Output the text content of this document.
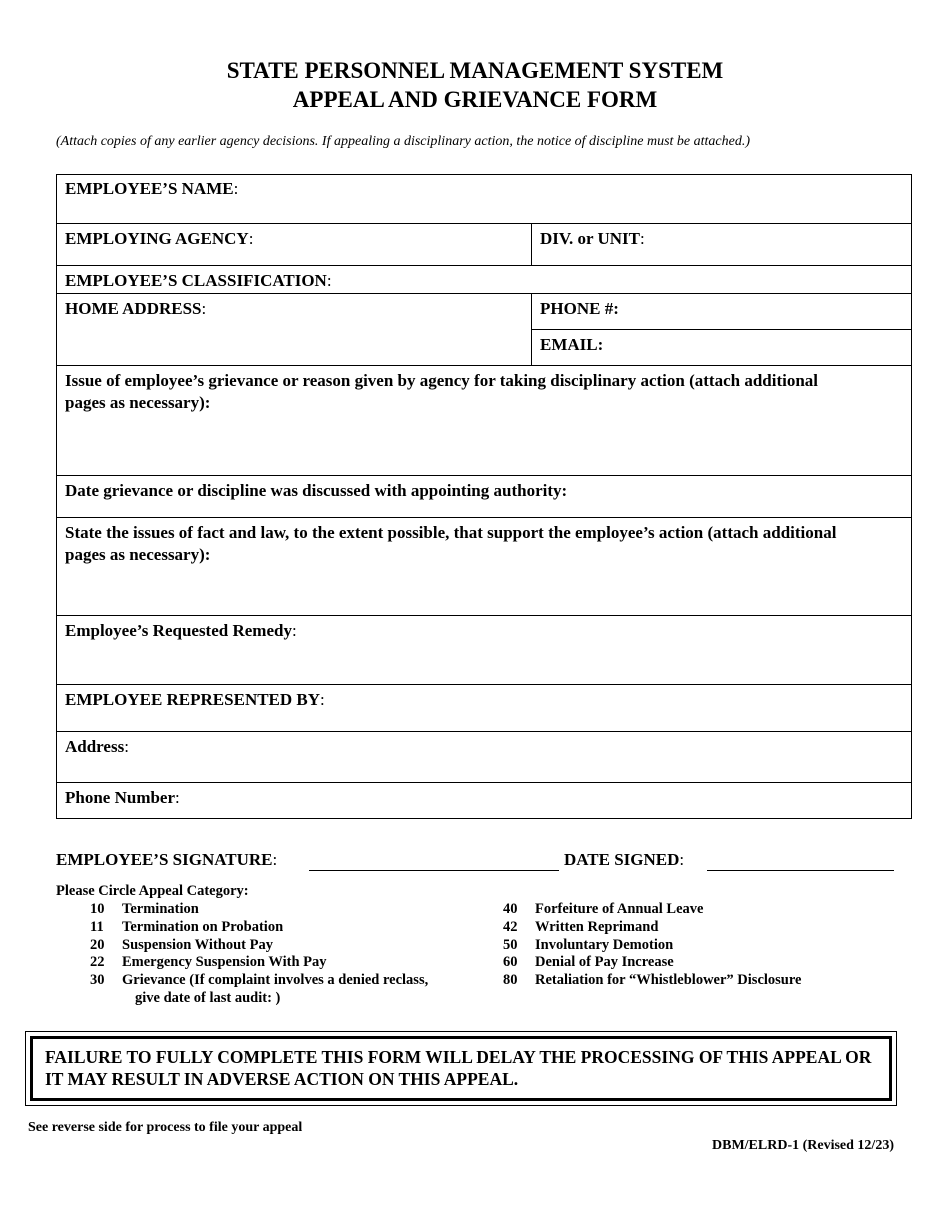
STATE PERSONNEL MANAGEMENT SYSTEM
APPEAL AND GRIEVANCE FORM
(Attach copies of any earlier agency decisions. If appealing a disciplinary action, the notice of discipline must be attached.)
EMPLOYEE’S NAME:
EMPLOYING AGENCY:	DIV. or UNIT:
EMPLOYEE’S CLASSIFICATION:
HOME ADDRESS:	PHONE #:
EMAIL:
Issue of employee’s grievance or reason given by agency for taking disciplinary action (attach additional pages as necessary):
Date grievance or discipline was discussed with appointing authority:
State the issues of fact and law, to the extent possible, that support the employee’s action (attach additional pages as necessary):
Employee’s Requested Remedy:
EMPLOYEE REPRESENTED BY:
Address:
Phone Number:
EMPLOYEE’S SIGNATURE:	DATE SIGNED:
Please Circle Appeal Category:
10	Termination
11	Termination on Probation
20	Suspension Without Pay
22	Emergency Suspension With Pay
30	Grievance (If complaint involves a denied reclass,
give date of last audit: )
40	Forfeiture of Annual Leave
42	Written Reprimand
50	Involuntary Demotion
60	Denial of Pay Increase
80	Retaliation for “Whistleblower” Disclosure
FAILURE TO FULLY COMPLETE THIS FORM WILL DELAY THE PROCESSING OF THIS APPEAL OR IT MAY RESULT IN ADVERSE ACTION ON THIS APPEAL.
See reverse side for process to file your appeal
DBM/ELRD-1 (Revised 12/23)
